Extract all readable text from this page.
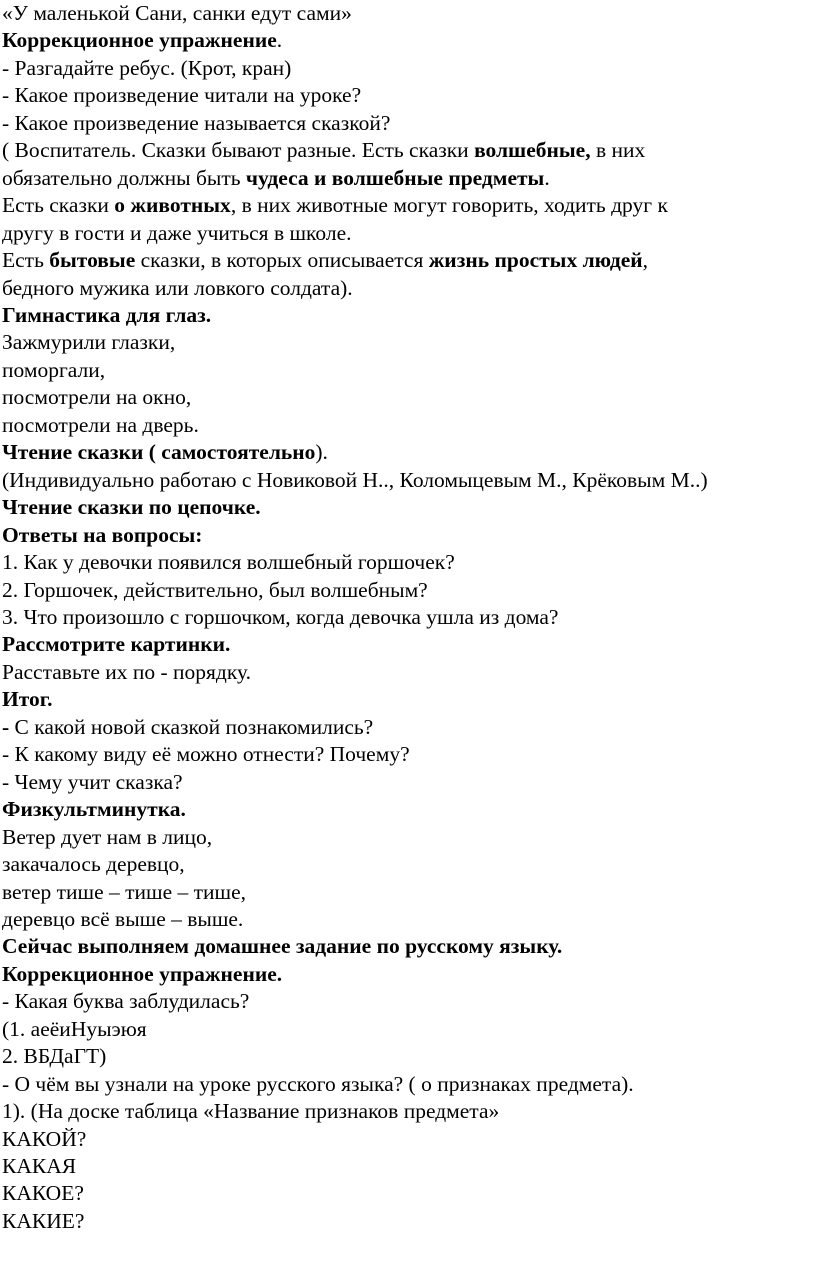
«У маленькой Сани, санки едут сами»
Коррекционное упражнение.
- Разгадайте ребус. (Крот, кран)
- Какое произведение читали на уроке?
- Какое произведение называется сказкой?
( Воспитатель. Сказки бывают разные. Есть сказки волшебные, в них
обязательно должны быть чудеса и волшебные предметы.
Есть сказки о животных, в них животные могут говорить, ходить друг к
другу в гости и даже учиться в школе.
Есть бытовые сказки, в которых описывается жизнь простых людей,
бедного мужика или ловкого солдата).
Гимнастика для глаз.
Зажмурили глазки,
поморгали,
посмотрели на окно,
посмотрели на дверь.
Чтение сказки ( самостоятельно).
(Индивидуально работаю с Новиковой Н.., Коломыцевым М., Крёковым М..)
Чтение сказки по цепочке.
Ответы на вопросы:
1. Как у девочки появился волшебный горшочек?
2. Горшочек, действительно, был волшебным?
3. Что произошло с горшочком, когда девочка ушла из дома?
Рассмотрите картинки.
Расставьте их по - порядку.
Итог.
- С какой новой сказкой познакомились?
- К какому виду её можно отнести? Почему?
- Чему учит сказка?
Физкультминутка.
Ветер дует нам в лицо,
закачалось деревцо,
ветер тише – тише – тише,
деревцо всё выше – выше.
Сейчас выполняем домашнее задание по русскому языку.
Коррекционное упражнение.
- Какая буква заблудилась?
(1. аеёиНуыэюя
2. ВБДаГТ)
- О чём вы узнали на уроке русского языка? ( о признаках предмета).
1). (На доске таблица «Название признаков предмета»
КАКОЙ?
КАКАЯ
КАКОЕ?
КАКИЕ?
